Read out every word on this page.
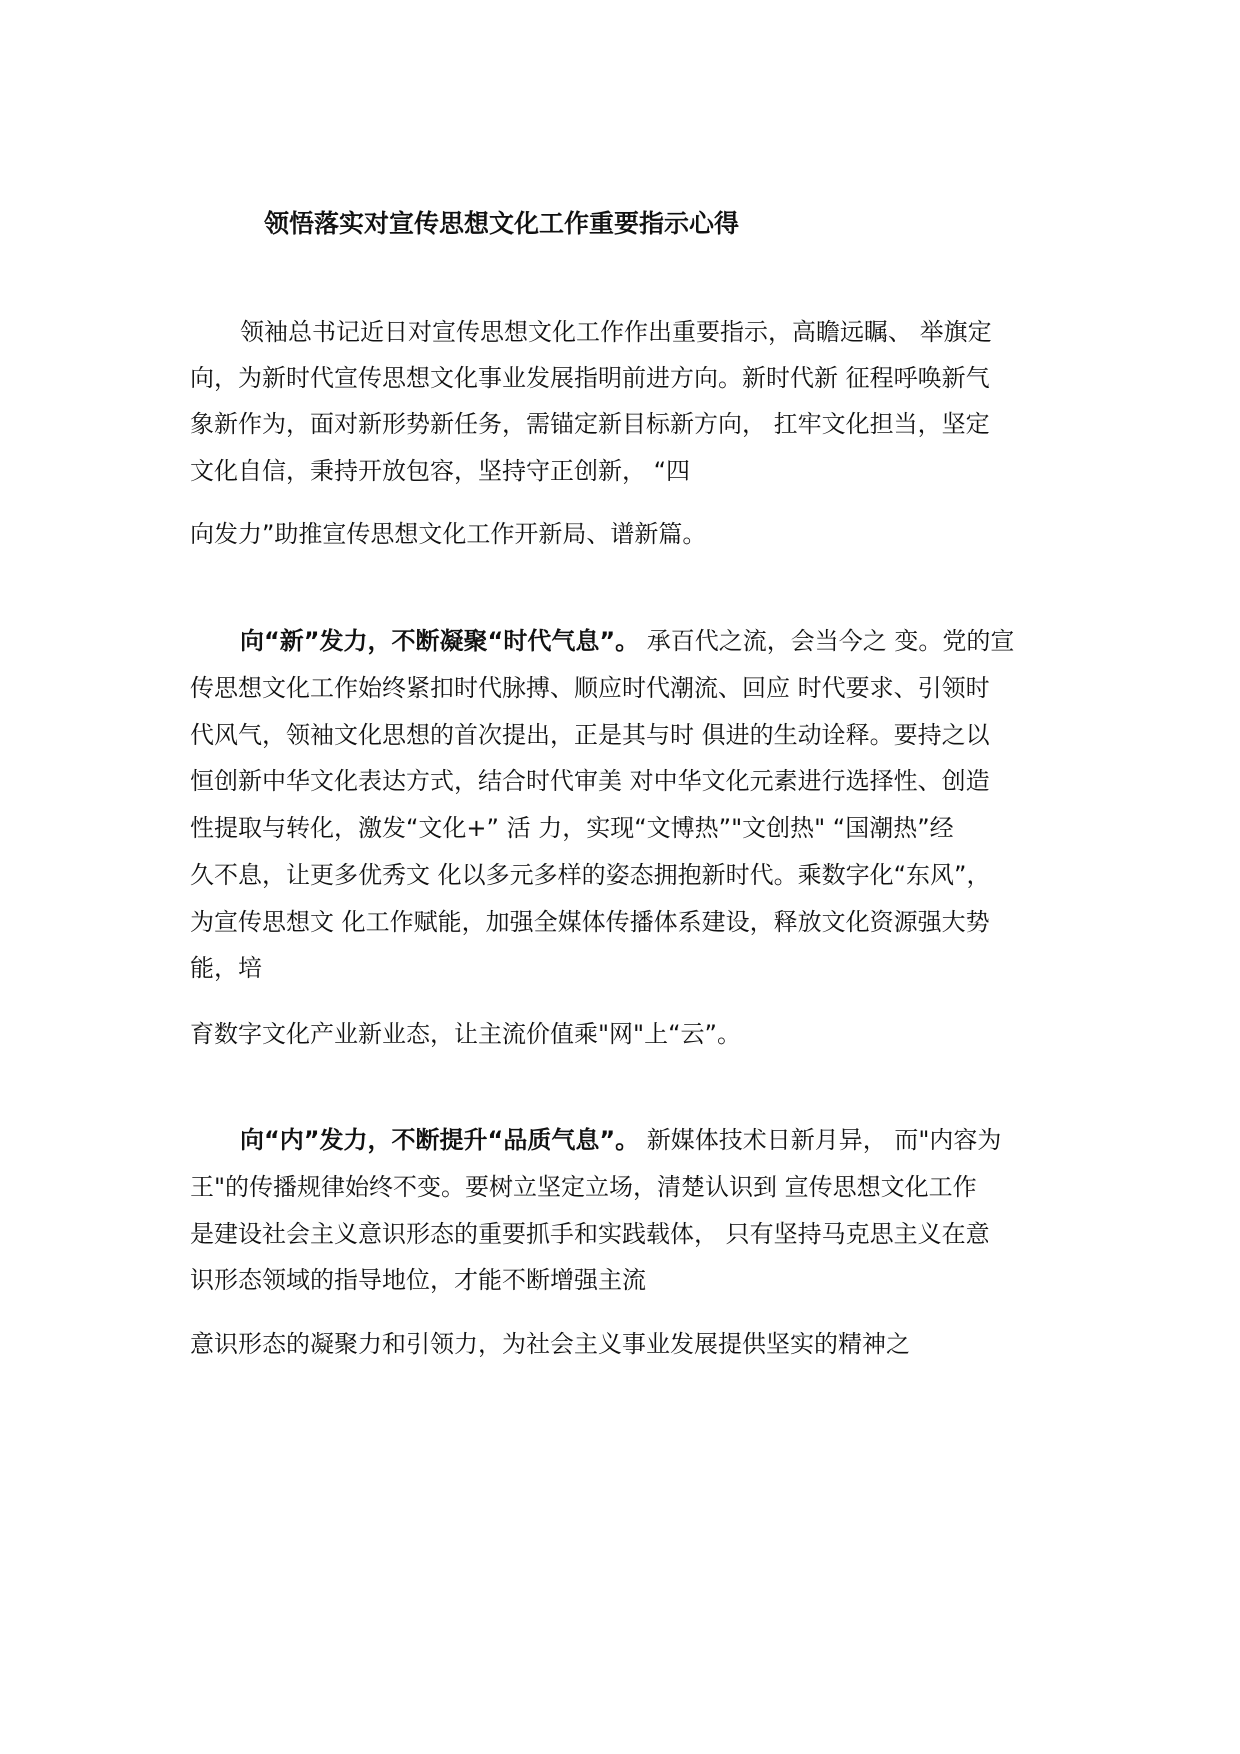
领悟落实对宣传思想文化工作重要指示心得
领袖总书记近日对宣传思想文化工作作出重要指示，高瞻远瞩、 举旗定
向，为新时代宣传思想文化事业发展指明前进方向。新时代新 征程呼唤新气
象新作为，面对新形势新任务，需锚定新目标新方向， 扛牢文化担当，坚定
文化自信，秉持开放包容，坚持守正创新， “四
向发力”助推宣传思想文化工作开新局、谱新篇。
向“新”发力，不断凝聚“时代气息”。 承百代之流，会当今之 变。党的宣
传思想文化工作始终紧扣时代脉搏、顺应时代潮流、回应 时代要求、引领时
代风气，领袖文化思想的首次提出，正是其与时 俱进的生动诠释。要持之以
恒创新中华文化表达方式，结合时代审美 对中华文化元素进行选择性、创造
性提取与转化，激发“文化+” 活 力，实现“文博热”"文创热" “国潮热”经
久不息，让更多优秀文 化以多元多样的姿态拥抱新时代。乘数字化“东风”，
为宣传思想文 化工作赋能，加强全媒体传播体系建设，释放文化资源强大势
能，培
育数字文化产业新业态，让主流价值乘"网"上“云”。
向“内”发力，不断提升“品质气息”。 新媒体技术日新月异， 而"内容为
王"的传播规律始终不变。要树立坚定立场，清楚认识到 宣传思想文化工作
是建设社会主义意识形态的重要抓手和实践载体， 只有坚持马克思主义在意
识形态领域的指导地位，才能不断增强主流
意识形态的凝聚力和引领力，为社会主义事业发展提供坚实的精神之
